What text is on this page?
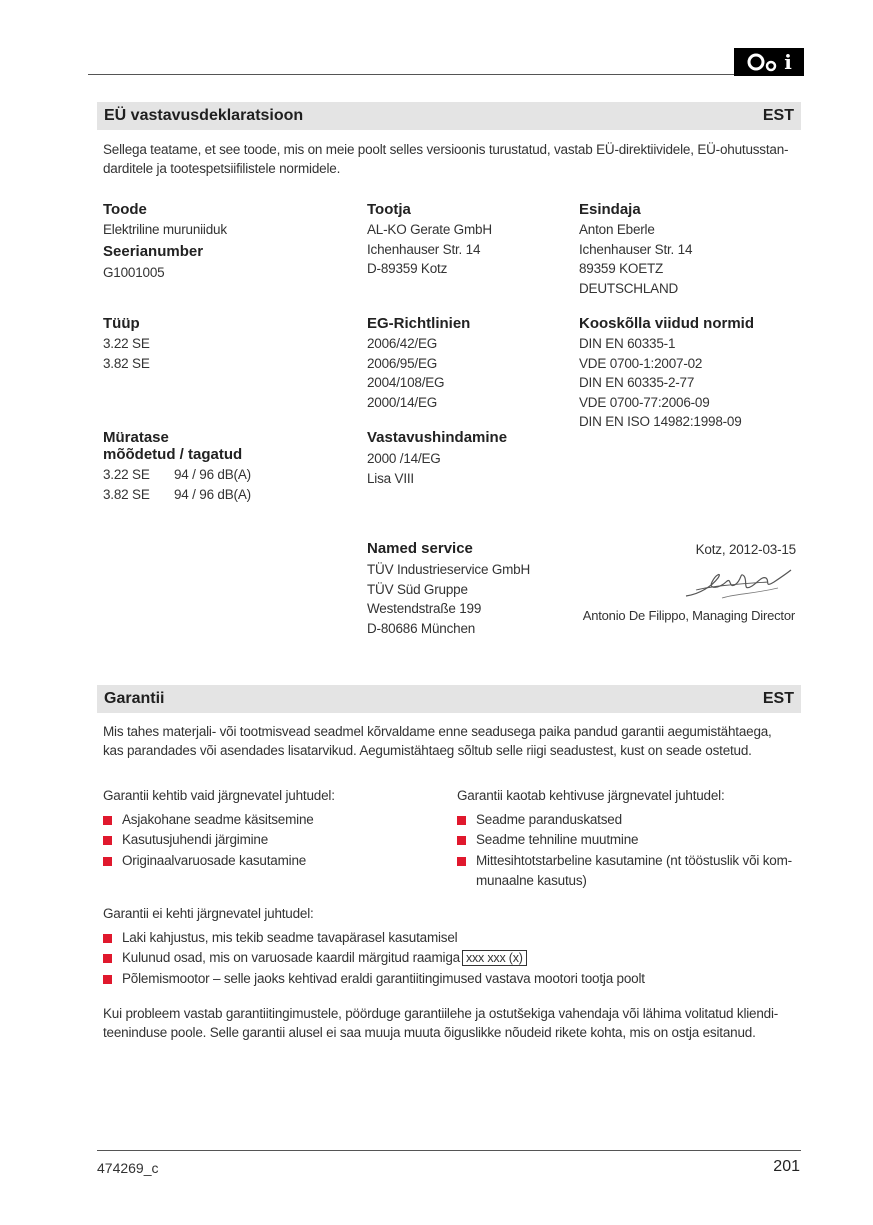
i
EÜ vastavusdeklaratsioon	EST
Sellega teatame, et see toode, mis on meie poolt selles versioonis turustatud, vastab EÜ-direktiividele, EÜ-ohutusstan-
darditele ja tootespetsiifilistele normidele.
Toode
Elektriline muruniiduk
Seerianumber
G1001005
Tüüp
3.22 SE
3.82 SE
Müratase
mõõdetud / tagatud
3.22 SE 94 / 96 dB(A)
3.82 SE 94 / 96 dB(A)
Tootja
AL-KO Gerate GmbH
Ichenhauser Str. 14
D-89359 Kotz
EG-Richtlinien
2006/42/EG
2006/95/EG
2004/108/EG
2000/14/EG
Vastavushindamine
2000 /14/EG
Lisa VIII
Named service
TÜV Industrieservice GmbH
TÜV Süd Gruppe
Westendstraße 199
D-80686 München
Esindaja
Anton Eberle
Ichenhauser Str. 14
89359 KOETZ
DEUTSCHLAND
Kooskõlla viidud normid
DIN EN 60335-1
VDE 0700-1:2007-02
DIN EN 60335-2-77
VDE 0700-77:2006-09
DIN EN ISO 14982:1998-09
Kotz, 2012-03-15
Antonio De Filippo, Managing Director
Garantii	EST
Mis tahes materjali- või tootmisvead seadmel kõrvaldame enne seadusega paika pandud garantii aegumistähtaega,
kas parandades või asendades lisatarvikud. Aegumistähtaeg sõltub selle riigi seadustest, kust on seade ostetud.
Garantii kehtib vaid järgnevatel juhtudel:
Asjakohane seadme käsitsemine
Kasutusjuhendi järgimine
Originaalvaruosade kasutamine
Garantii kaotab kehtivuse järgnevatel juhtudel:
Seadme paranduskatsed
Seadme tehniline muutmine
Mittesihtotstarbeline kasutamine (nt tööstuslik või kom-
munaalne kasutus)
Garantii ei kehti järgnevatel juhtudel:
Laki kahjustus, mis tekib seadme tavapärasel kasutamisel
Kulunud osad, mis on varuosade kaardil märgitud raamiga xxx xxx (x)
Põlemismootor – selle jaoks kehtivad eraldi garantiitingimused vastava mootori tootja poolt
Kui probleem vastab garantiitingimustele, pöörduge garantiilehe ja ostutšekiga vahendaja või lähima volitatud kliendi-
teeninduse poole. Selle garantii alusel ei saa muuja muuta õiguslikke nõudeid rikete kohta, mis on ostja esitanud.
474269_c	201
